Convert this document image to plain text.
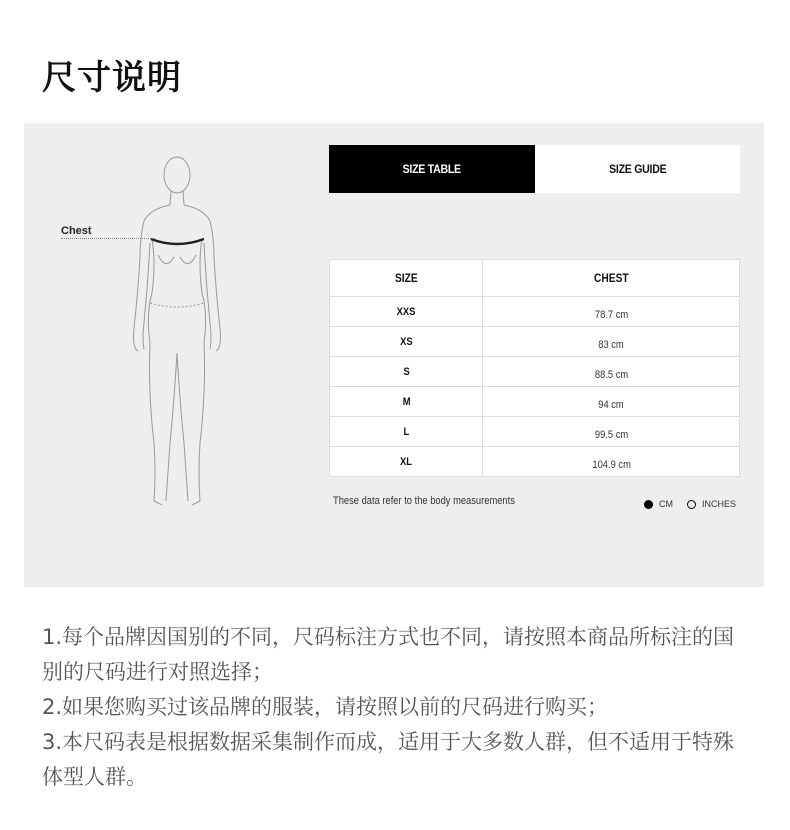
尺寸说明
Chest
SIZE TABLE	SIZE GUIDE
SIZE	CHEST
XXS	78.7 cm
XS	83 cm
S	88.5 cm
M	94 cm
L	99.5 cm
XL	104.9 cm
These data refer to the body measurements	CM	INCHES

1.每个品牌因国别的不同，尺码标注方式也不同，请按照本商品所标注的国别的尺码进行对照选择；

2.如果您购买过该品牌的服装，请按照以前的尺码进行购买；

3.本尺码表是根据数据采集制作而成，适用于大多数人群，但不适用于特殊体型人群。
